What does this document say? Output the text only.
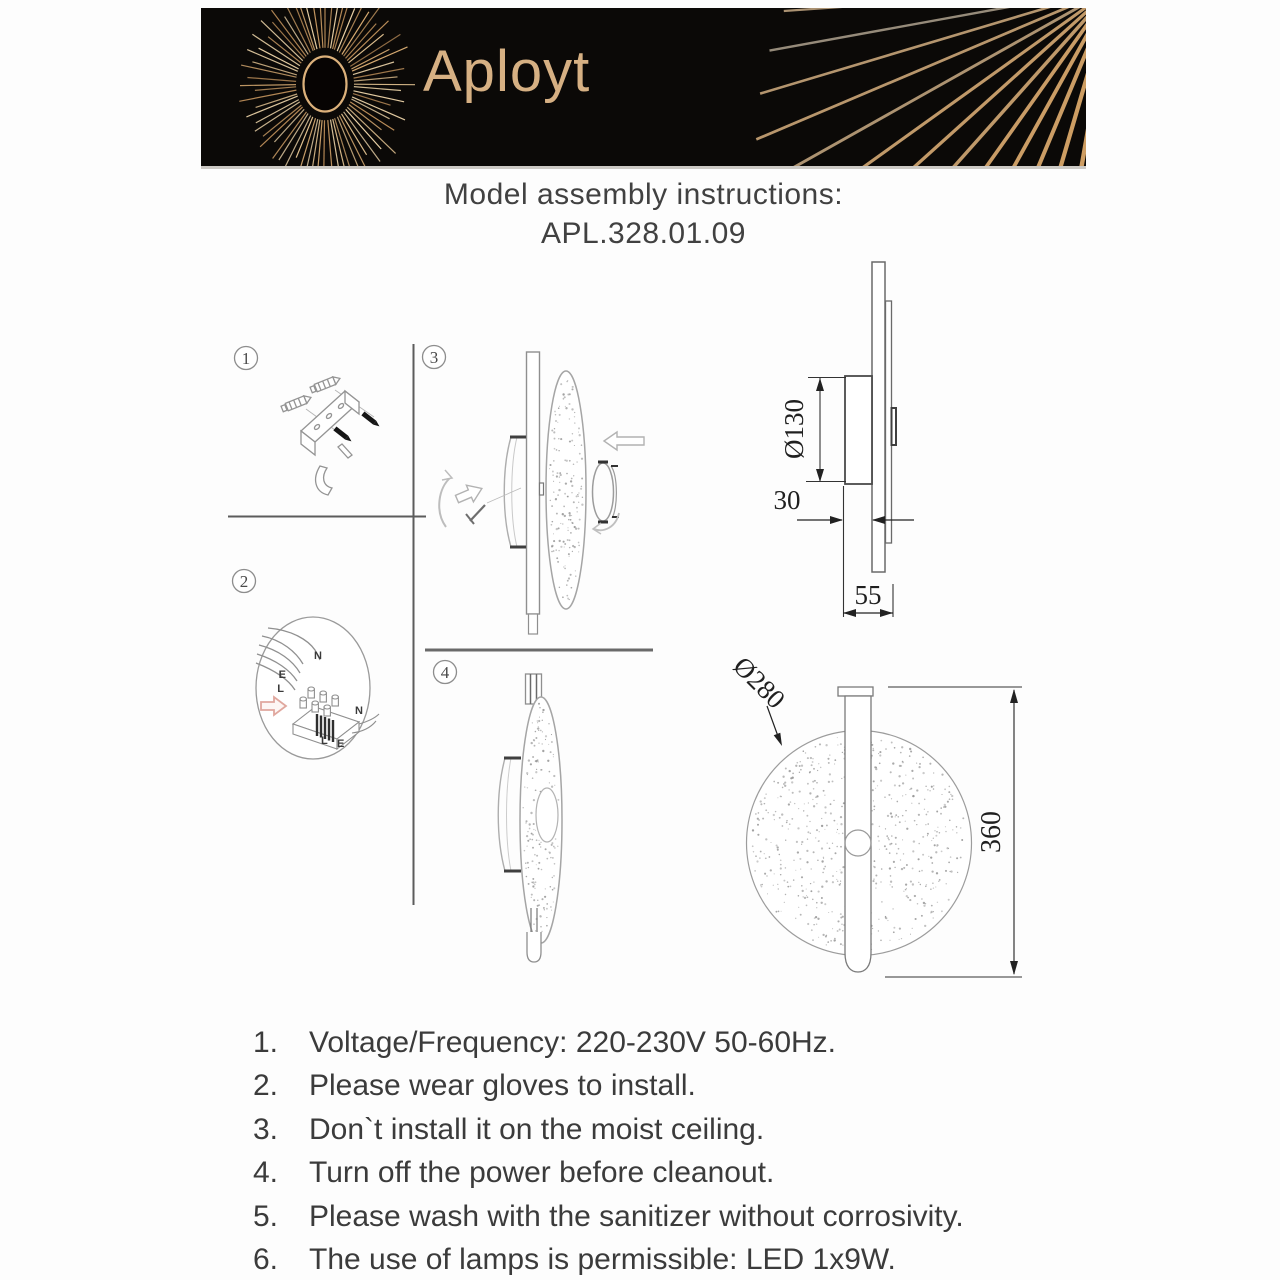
Aployt
Model assembly instructions:
APL.328.01.09
1
2
3
4
N
E
L
L E
N
Ø130
30
55
Ø280
360
1. Voltage/Frequency: 220-230V 50-60Hz.
2. Please wear gloves to install.
3. Don`t install it on the moist ceiling.
4. Turn off the power before cleanout.
5. Please wash with the sanitizer without corrosivity.
6. The use of lamps is permissible: LED 1x9W.
